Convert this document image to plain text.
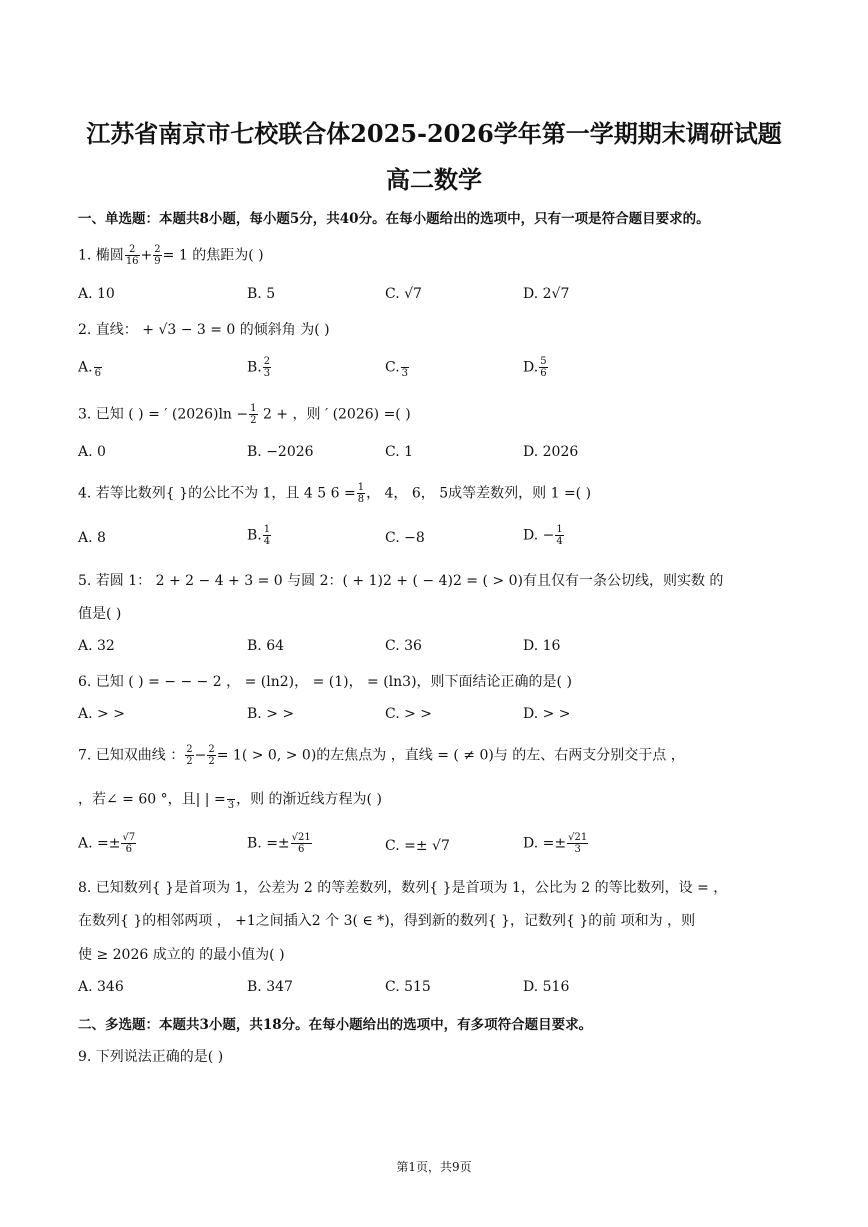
江苏省南京市七校联合体2025-2026学年第一学期期末调研试题
高二数学
一、单选题：本题共8小题，每小题5分，共40分。在每小题给出的选项中，只有一项是符合题目要求的。
1. 椭圆 $\frac{2}{16} + \frac{2}{9} = 1$ 的焦距为( )
A. 10	B. 5	C. √7	D. 2√7
2. 直线： + √3 − 3 = 0 的倾斜角 为( )
A.
6	B. $\frac{2}{3}$	C.
3	D. $\frac{5}{6}$
3. 已知 ( ) = ′ $(2026)\ln - \frac{1}{2} 2$ + ，则 ′ (2026) =( )
A. 0	B. −2026	C. 1	D. 2026
4. 若等比数列{ }的公比不为 1，且 4 5 $6 = \frac{1}{8}$ ， 4， 6， 5成等差数列，则 1 =( )
A. 8	B. $\frac{1}{4}$	C. −8	D. − $\frac{1}{4}$
5. 若圆 1： 2 + 2 − 4 + 3 = 0 与圆 2：( + 1)2 + ( − 4)2 = ( > 0)有且仅有一条公切线，则实数 的
值是( )
A. 32	B. 64	C. 36	D. 16
6. 已知 ( ) = − − − 2 ， = (ln2)， = (1)， = (ln3)，则下面结论正确的是( )
A. > >	B. > >	C. > >	D. > >
7. 已知双曲线 ： $\frac{2}{2} - \frac{2}{2} = 1( > 0$, > 0)的左焦点为 ，直线 = ( ≠ 0)与 的左、右两支分别交于点 ，
，若∠ = 60 °，且| | =
3 ，则 的渐近线方程为( )
A. =± $\frac{√7}{6}$	B. =± $\frac{√21}{6}$	C. =± √7	D. =± $\frac{√21}{3}$
8. 已知数列{ }是首项为 1，公差为 2 的等差数列，数列{ }是首项为 1，公比为 2 的等比数列，设 = ，
在数列{ }的相邻两项 ， +1之间插入2 个 3( ∈ *)，得到新的数列{ }，记数列{ }的前 项和为 ，则
使 ≥ 2026 成立的 的最小值为( )
A. 346	B. 347	C. 515	D. 516
二、多选题：本题共3小题，共18分。在每小题给出的选项中，有多项符合题目要求。
9. 下列说法正确的是( )
第1页，共9页
